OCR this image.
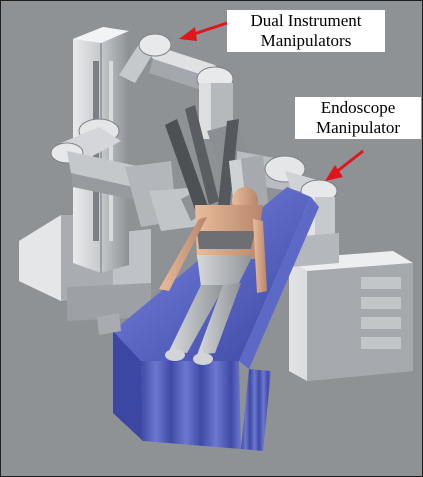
Dual Instrument
Manipulators
Endoscope
Manipulator
